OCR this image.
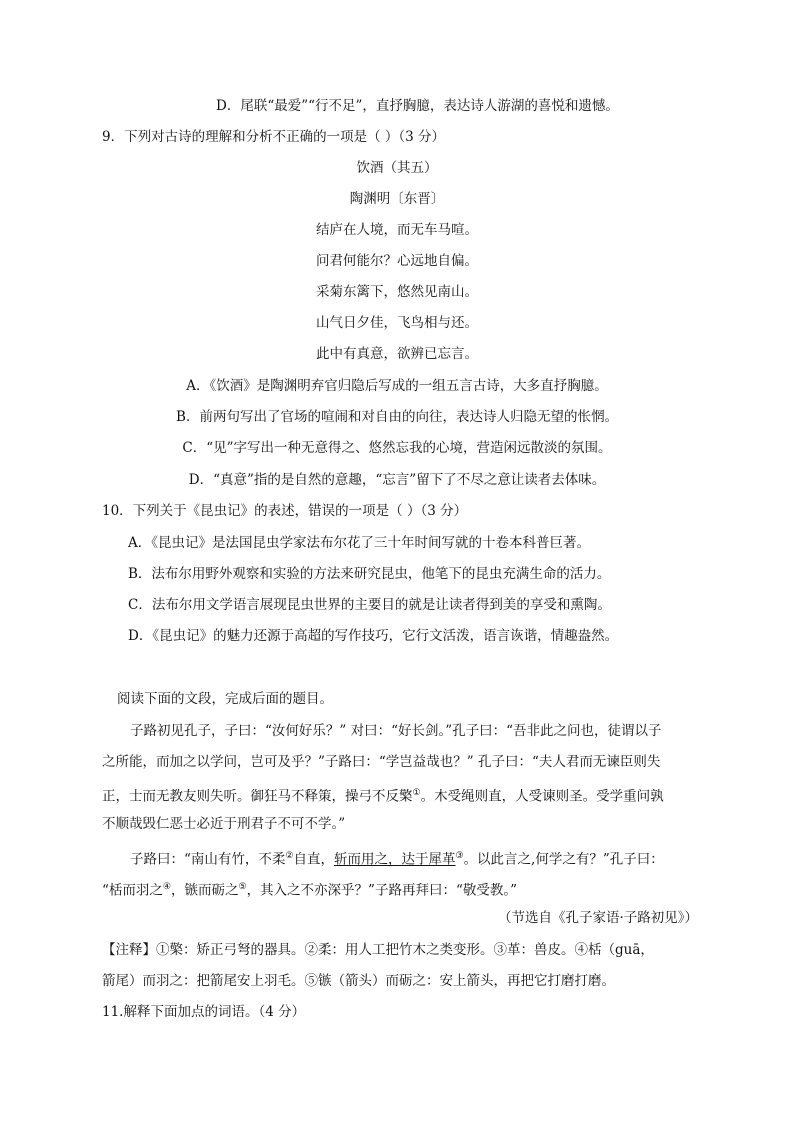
D．尾联“最爱”“行不足”，直抒胸臆，表达诗人游湖的喜悦和遗憾。
9．下列对古诗的理解和分析不正确的一项是（ ）（3 分）
饮酒（其五）
陶渊明〔东晋〕
结庐在人境，而无车马喧。
问君何能尔？心远地自偏。
采菊东篱下，悠然见南山。
山气日夕佳，飞鸟相与还。
此中有真意，欲辨已忘言。
A．《饮酒》是陶渊明弃官归隐后写成的一组五言古诗，大多直抒胸臆。
B．前两句写出了官场的喧闹和对自由的向往，表达诗人归隐无望的怅惘。
C．“见”字写出一种无意得之、悠然忘我的心境，营造闲远散淡的氛围。
D．“真意”指的是自然的意趣，“忘言”留下了不尽之意让读者去体味。
10．下列关于《昆虫记》的表述，错误的一项是（ ）（3 分）
A．《昆虫记》是法国昆虫学家法布尔花了三十年时间写就的十卷本科普巨著。
B．法布尔用野外观察和实验的方法来研究昆虫，他笔下的昆虫充满生命的活力。
C．法布尔用文学语言展现昆虫世界的主要目的就是让读者得到美的享受和熏陶。
D．《昆虫记》的魅力还源于高超的写作技巧，它行文活泼，语言诙谐，情趣盎然。
阅读下面的文段，完成后面的题目。
子路初见孔子，子曰：“汝何好乐？” 对曰：“好长剑。”孔子曰：“吾非此之问也，徒谓以子
之所能，而加之以学问，岂可及乎？”子路曰：“学岂益哉也？” 孔子曰：“夫人君而无谏臣则失
正，士而无教友则失听。御狂马不释策，操弓不反檠①。木受绳则直，人受谏则圣。受学重问孰
不顺哉毁仁恶士必近于刑君子不可不学。”
子路曰：“南山有竹，不柔②自直，斩而用之，达于犀革③。以此言之,何学之有？”孔子曰：
“栝而羽之④，镞而砺之⑤，其入之不亦深乎？”子路再拜曰：“敬受教。”
（节选自《孔子家语·子路初见》）
【注释】①檠：矫正弓弩的器具。②柔：用人工把竹木之类变形。③革：兽皮。④栝（guā，
箭尾）而羽之：把箭尾安上羽毛。⑤镞（箭头）而砺之：安上箭头，再把它打磨打磨。
11.解释下面加点的词语。（4 分）
